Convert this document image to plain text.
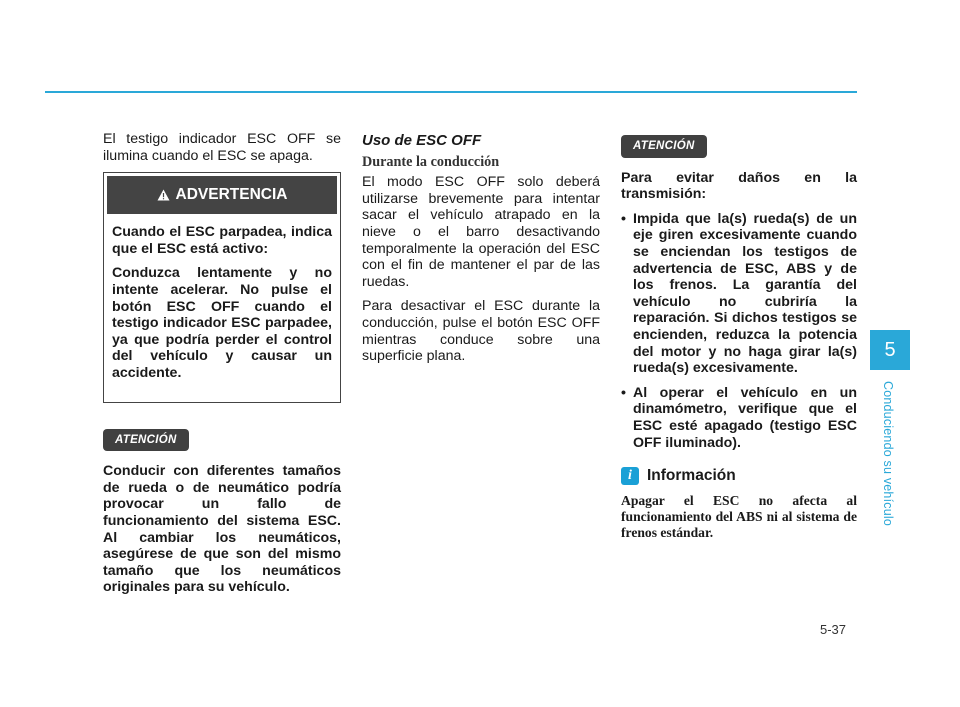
El testigo indicador ESC OFF se ilumina cuando el ESC se apaga.

ADVERTENCIA

Cuando el ESC parpadea, indica que el ESC está activo:

Conduzca lentamente y no intente acelerar. No pulse el botón ESC OFF cuando el testigo indicador ESC parpadee, ya que podría perder el control del vehículo y causar un accidente.

ATENCIÓN

Conducir con diferentes tamaños de rueda o de neumático podría provocar un fallo de funcionamiento del sistema ESC. Al cambiar los neumáticos, asegúrese de que son del mismo tamaño que los neumáticos originales para su vehículo.

Uso de ESC OFF
Durante la conducción

El modo ESC OFF solo deberá utilizarse brevemente para intentar sacar el vehículo atrapado en la nieve o el barro desactivando temporalmente la operación del ESC con el fin de mantener el par de las ruedas.

Para desactivar el ESC durante la conducción, pulse el botón ESC OFF mientras conduce sobre una superficie plana.

ATENCIÓN

Para evitar daños en la transmisión:

• Impida que la(s) rueda(s) de un eje giren excesivamente cuando se enciendan los testigos de advertencia de ESC, ABS y de los frenos. La garantía del vehículo no cubriría la reparación. Si dichos testigos se encienden, reduzca la potencia del motor y no haga girar la(s) rueda(s) excesivamente.
• Al operar el vehículo en un dinamómetro, verifique que el ESC esté apagado (testigo ESC OFF iluminado).
i Información
Apagar el ESC no afecta al funcionamiento del ABS ni al sistema de frenos estándar.
5
Conduciendo su vehículo
5-37
